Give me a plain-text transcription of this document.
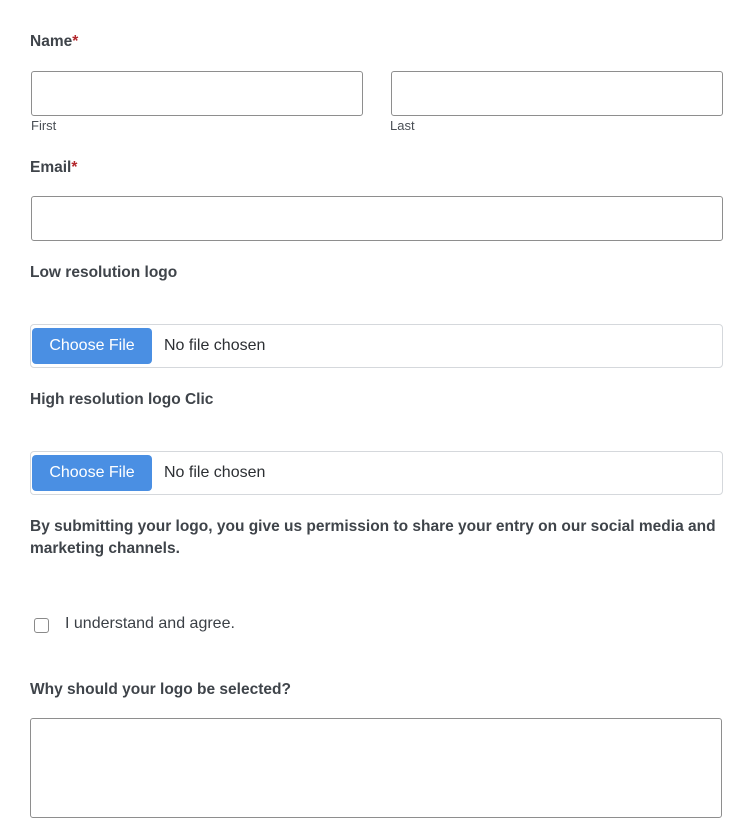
Name*
First	Last
Email*
Low resolution logo
Choose File	No file chosen
High resolution logo Clic
Choose File	No file chosen

By submitting your logo, you give us permission to share your entry on our social media and marketing channels.

I understand and agree.
Why should your logo be selected?
